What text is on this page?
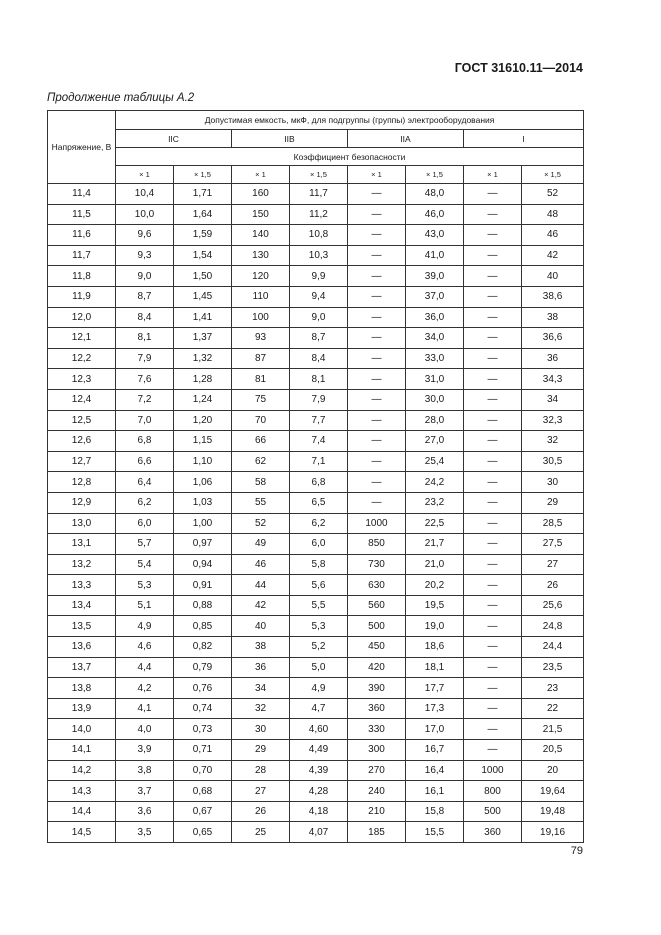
ГОСТ 31610.11—2014
Продолжение таблицы А.2
Напряжение, В	Допустимая емкость, мкФ, для подгруппы (группы) электрооборудования							
	IIC		IIB		IIA		I	
	Коэффициент безопасности							
	× 1	× 1,5	× 1	× 1,5	× 1	× 1,5	× 1	× 1,5
11,4	10,4	1,71	160	11,7	—	48,0	—	52
11,5	10,0	1,64	150	11,2	—	46,0	—	48
11,6	9,6	1,59	140	10,8	—	43,0	—	46
11,7	9,3	1,54	130	10,3	—	41,0	—	42
11,8	9,0	1,50	120	9,9	—	39,0	—	40
11,9	8,7	1,45	110	9,4	—	37,0	—	38,6
12,0	8,4	1,41	100	9,0	—	36,0	—	38
12,1	8,1	1,37	93	8,7	—	34,0	—	36,6
12,2	7,9	1,32	87	8,4	—	33,0	—	36
12,3	7,6	1,28	81	8,1	—	31,0	—	34,3
12,4	7,2	1,24	75	7,9	—	30,0	—	34
12,5	7,0	1,20	70	7,7	—	28,0	—	32,3
12,6	6,8	1,15	66	7,4	—	27,0	—	32
12,7	6,6	1,10	62	7,1	—	25,4	—	30,5
12,8	6,4	1,06	58	6,8	—	24,2	—	30
12,9	6,2	1,03	55	6,5	—	23,2	—	29
13,0	6,0	1,00	52	6,2	1000	22,5	—	28,5
13,1	5,7	0,97	49	6,0	850	21,7	—	27,5
13,2	5,4	0,94	46	5,8	730	21,0	—	27
13,3	5,3	0,91	44	5,6	630	20,2	—	26
13,4	5,1	0,88	42	5,5	560	19,5	—	25,6
13,5	4,9	0,85	40	5,3	500	19,0	—	24,8
13,6	4,6	0,82	38	5,2	450	18,6	—	24,4
13,7	4,4	0,79	36	5,0	420	18,1	—	23,5
13,8	4,2	0,76	34	4,9	390	17,7	—	23
13,9	4,1	0,74	32	4,7	360	17,3	—	22
14,0	4,0	0,73	30	4,60	330	17,0	—	21,5
14,1	3,9	0,71	29	4,49	300	16,7	—	20,5
14,2	3,8	0,70	28	4,39	270	16,4	1000	20
14,3	3,7	0,68	27	4,28	240	16,1	800	19,64
14,4	3,6	0,67	26	4,18	210	15,8	500	19,48
14,5	3,5	0,65	25	4,07	185	15,5	360	19,16
79
